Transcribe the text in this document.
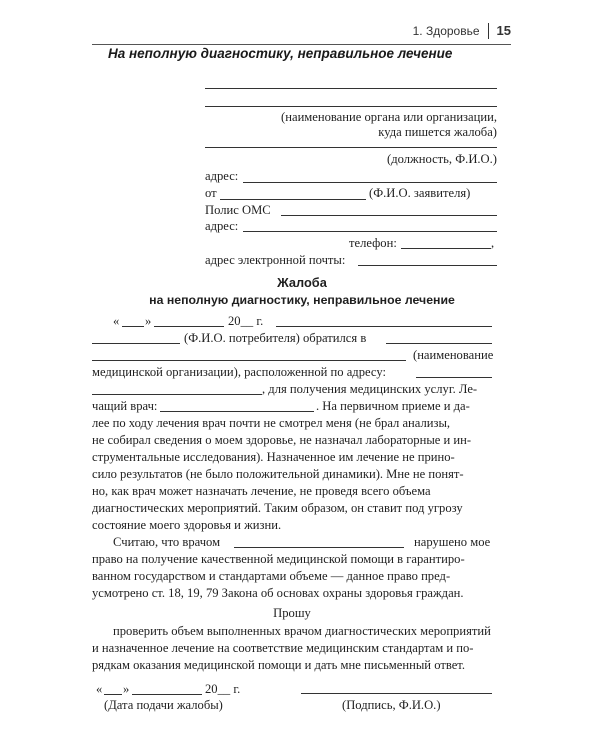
1. Здоровье	15
На неполную диагностику, неправильное лечение
(наименование органа или организации,
куда пишется жалоба)
(должность, Ф.И.О.)
адрес:
от	(Ф.И.О. заявителя)
Полис ОМС
адрес:
телефон:	,
адрес электронной почты:
Жалоба
на неполную диагностику, неправильное лечение
« »	20__ г.
(Ф.И.О. потребителя) обратился в
(наименование
медицинской организации), расположенной по адресу:
, для получения медицинских услуг. Ле-
чащий врач:	. На первичном приеме и да-
лее по ходу лечения врач почти не смотрел меня (не брал анализы,
не собирал сведения о моем здоровье, не назначал лабораторные и ин-
струментальные исследования). Назначенное им лечение не прино-
сило результатов (не было положительной динамики). Мне не понят-
но, как врач может назначать лечение, не проведя всего объема
диагностических мероприятий. Таким образом, он ставит под угрозу
состояние моего здоровья и жизни.
Считаю, что врачом	нарушено мое
право на получение качественной медицинской помощи в гарантиро-
ванном государством и стандартами объеме — данное право пред-
усмотрено ст. 18, 19, 79 Закона об основах охраны здоровья граждан.
Прошу
проверить объем выполненных врачом диагностических мероприятий
и назначенное лечение на соответствие медицинским стандартам и по-
рядкам оказания медицинской помощи и дать мне письменный ответ.
« »	20__ г.
(Дата подачи жалобы)	(Подпись, Ф.И.О.)
